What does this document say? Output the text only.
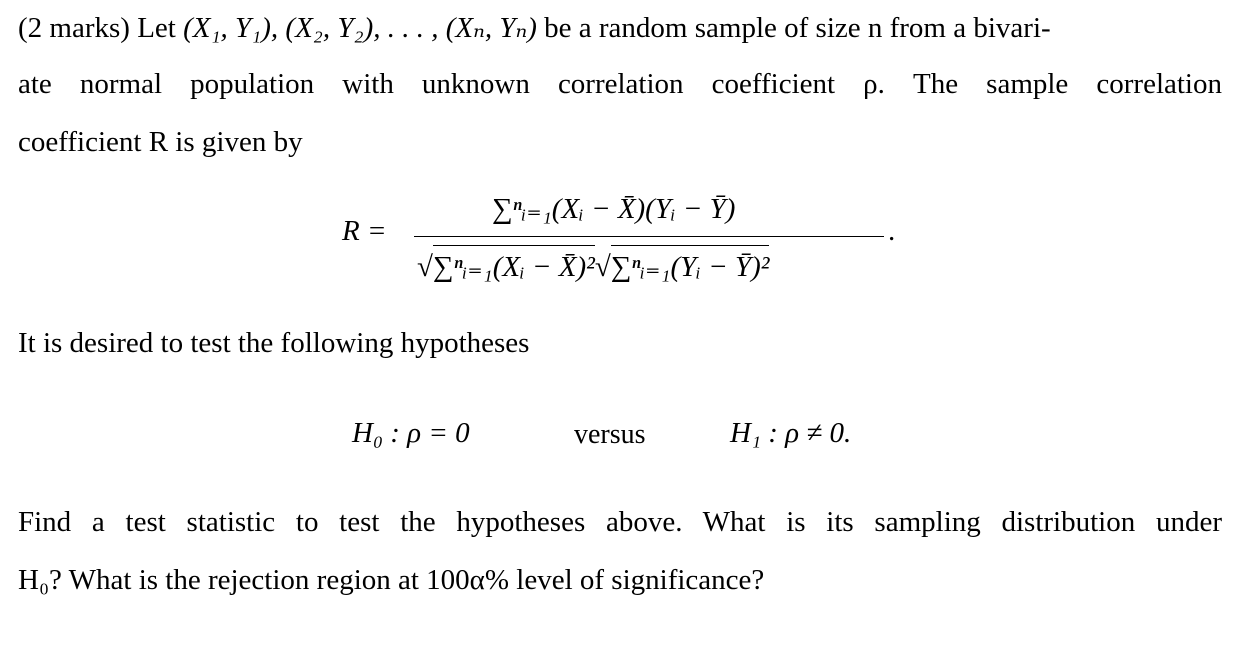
(2 marks) Let (X₁, Y₁), (X₂, Y₂), . . . , (Xₙ, Yₙ) be a random sample of size n from a bivari-
ate normal population with unknown correlation coefficient ρ. The sample correlation
coefficient R is given by
R =
∑ⁿᵢ₌₁(Xᵢ − X̄)(Yᵢ − Ȳ)
√∑ⁿᵢ₌₁(Xᵢ − X̄)²√∑ⁿᵢ₌₁(Yᵢ − Ȳ)²
.
It is desired to test the following hypotheses
H₀ : ρ = 0	versus	H₁ : ρ ≠ 0.
Find a test statistic to test the hypotheses above. What is its sampling distribution under
H₀? What is the rejection region at 100α% level of significance?
